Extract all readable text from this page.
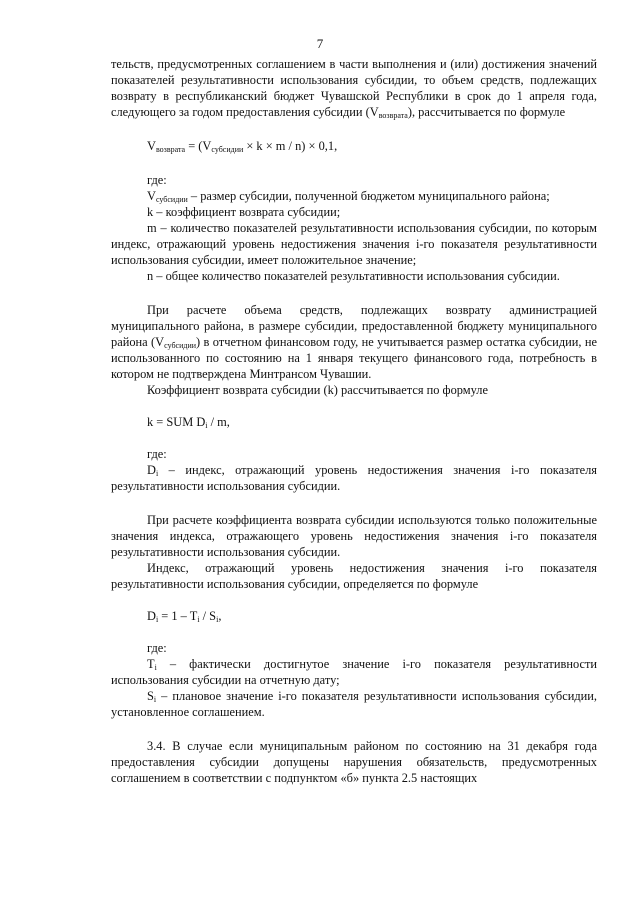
7

тельств, предусмотренных соглашением в части выполнения и (или) достижения значений показателей результативности использования субсидии, то объем средств, подлежащих возврату в республиканский бюджет Чувашской Республики в срок до 1 апреля года, следующего за годом предоставления субсидии $(V_{возврата})$, рассчитывается по формуле

$V_{возврата} = (V_{субсидии} \times k \times m / n) \times 0,1$,

где:

$V_{субсидии}$ – размер субсидии, полученной бюджетом муниципального района;

k – коэффициент возврата субсидии;

m – количество показателей результативности использования субсидии, по которым индекс, отражающий уровень недостижения значения i-го показателя результативности использования субсидии, имеет положительное значение;

n – общее количество показателей результативности использования субсидии.

При расчете объема средств, подлежащих возврату администрацией муниципального района, в размере субсидии, предоставленной бюджету муниципального района $(V_{субсидии})$ в отчетном финансовом году, не учитывается размер остатка субсидии, не использованного по состоянию на 1 января текущего финансового года, потребность в котором не подтверждена Минтрансом Чувашии.

Коэффициент возврата субсидии (k) рассчитывается по формуле

k = SUM $D_i$ / m,

где:

$D_i$ – индекс, отражающий уровень недостижения значения i-го показателя результативности использования субсидии.

При расчете коэффициента возврата субсидии используются только положительные значения индекса, отражающего уровень недостижения значения i-го показателя результативности использования субсидии.

Индекс, отражающий уровень недостижения значения i-го показателя результативности использования субсидии, определяется по формуле

$D_i = 1 - T_i / S_i$,

где:

$T_i$ – фактически достигнутое значение i-го показателя результативности использования субсидии на отчетную дату;

$S_i$ – плановое значение i-го показателя результативности использования субсидии, установленное соглашением.

3.4. В случае если муниципальным районом по состоянию на 31 декабря года предоставления субсидии допущены нарушения обязательств, предусмотренных соглашением в соответствии с подпунктом «б» пункта 2.5 настоящих
